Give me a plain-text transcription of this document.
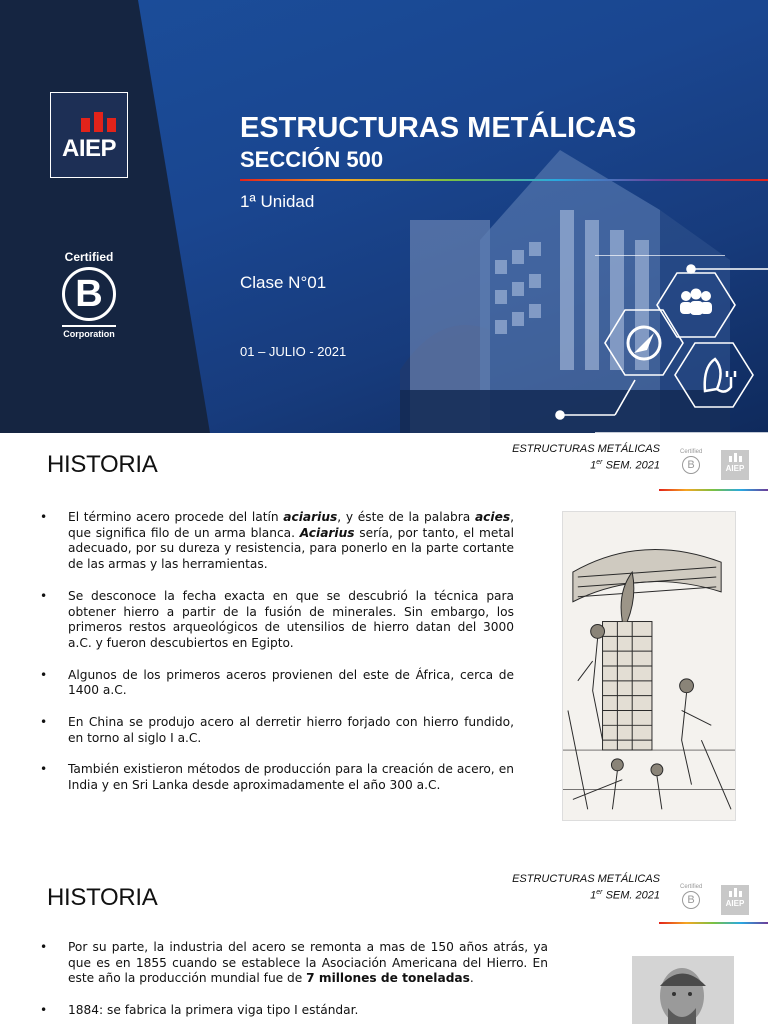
AIEP
Certified
B
Corporation
ESTRUCTURAS METÁLICAS
SECCIÓN 500
1ª Unidad
Clase N°01
01 – JULIO - 2021
HISTORIA
ESTRUCTURAS METÁLICAS
1er SEM. 2021
Certified
B	AIEP
• El término acero procede del latín aciarius, y éste de la palabra acies, que significa filo de un arma blanca. Aciarius sería, por tanto, el metal adecuado, por su dureza y resistencia, para ponerlo en la parte cortante de las armas y las herramientas.
• Se desconoce la fecha exacta en que se descubrió la técnica para obtener hierro a partir de la fusión de minerales. Sin embargo, los primeros restos arqueológicos de utensilios de hierro datan del 3000 a.C. y fueron descubiertos en Egipto.
• Algunos de los primeros aceros provienen del este de África, cerca de 1400 a.C.
• En China se produjo acero al derretir hierro forjado con hierro fundido, en torno al siglo I a.C.
• También existieron métodos de producción para la creación de acero, en India y en Sri Lanka desde aproximadamente el año 300 a.C.
HISTORIA
ESTRUCTURAS METÁLICAS
1er SEM. 2021
Certified
B	AIEP
• Por su parte, la industria del acero se remonta a mas de 150 años atrás, ya que es en 1855 cuando se establece la Asociación Americana del Hierro. En este año la producción mundial fue de 7 millones de toneladas.
• 1884: se fabrica la primera viga tipo I estándar.
